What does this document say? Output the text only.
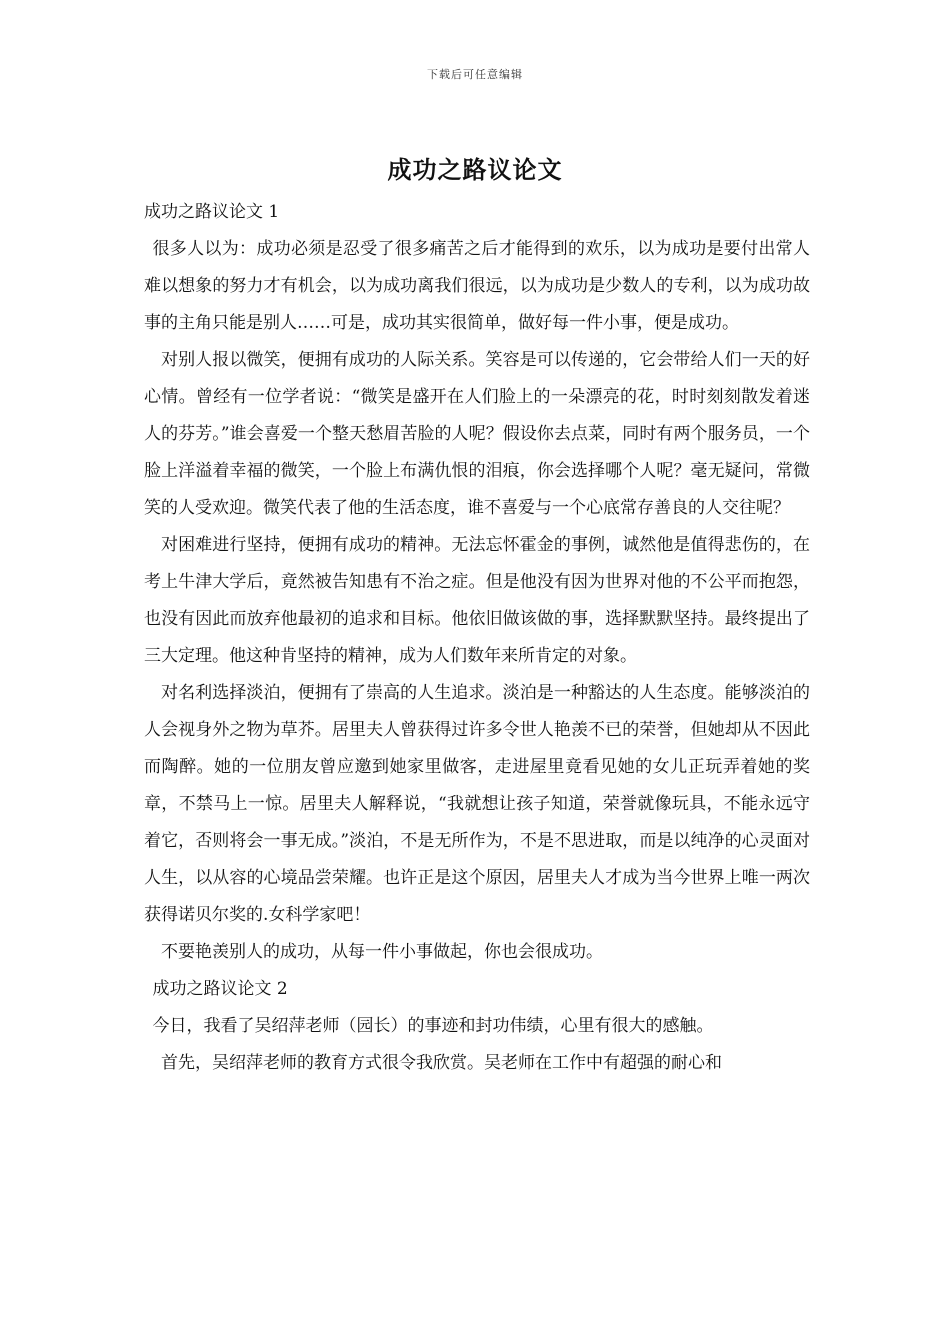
下载后可任意编辑
成功之路议论文
成功之路议论文 1

很多人以为：成功必须是忍受了很多痛苦之后才能得到的欢乐，以为成功是要付出常人难以想象的努力才有机会，以为成功离我们很远，以为成功是少数人的专利，以为成功故事的主角只能是别人……可是，成功其实很简单，做好每一件小事，便是成功。

对别人报以微笑，便拥有成功的人际关系。笑容是可以传递的，它会带给人们一天的好心情。曾经有一位学者说：“微笑是盛开在人们脸上的一朵漂亮的花，时时刻刻散发着迷人的芬芳。”谁会喜爱一个整天愁眉苦脸的人呢？假设你去点菜，同时有两个服务员，一个脸上洋溢着幸福的微笑，一个脸上布满仇恨的泪痕，你会选择哪个人呢？毫无疑问，常微笑的人受欢迎。微笑代表了他的生活态度，谁不喜爱与一个心底常存善良的人交往呢？

对困难进行坚持，便拥有成功的精神。无法忘怀霍金的事例，诚然他是值得悲伤的，在考上牛津大学后，竟然被告知患有不治之症。但是他没有因为世界对他的不公平而抱怨，也没有因此而放弃他最初的追求和目标。他依旧做该做的事，选择默默坚持。最终提出了三大定理。他这种肯坚持的精神，成为人们数年来所肯定的对象。

对名利选择淡泊，便拥有了崇高的人生追求。淡泊是一种豁达的人生态度。能够淡泊的人会视身外之物为草芥。居里夫人曾获得过许多令世人艳羡不已的荣誉，但她却从不因此而陶醉。她的一位朋友曾应邀到她家里做客，走进屋里竟看见她的女儿正玩弄着她的奖章，不禁马上一惊。居里夫人解释说，“我就想让孩子知道，荣誉就像玩具，不能永远守着它，否则将会一事无成。”淡泊，不是无所作为，不是不思进取，而是以纯净的心灵面对人生，以从容的心境品尝荣耀。也许正是这个原因，居里夫人才成为当今世界上唯一两次获得诺贝尔奖的.女科学家吧！

不要艳羡别人的成功，从每一件小事做起，你也会很成功。

成功之路议论文 2

今日，我看了吴绍萍老师（园长）的事迹和封功伟绩，心里有很大的感触。

首先，吴绍萍老师的教育方式很令我欣赏。吴老师在工作中有超强的耐心和
